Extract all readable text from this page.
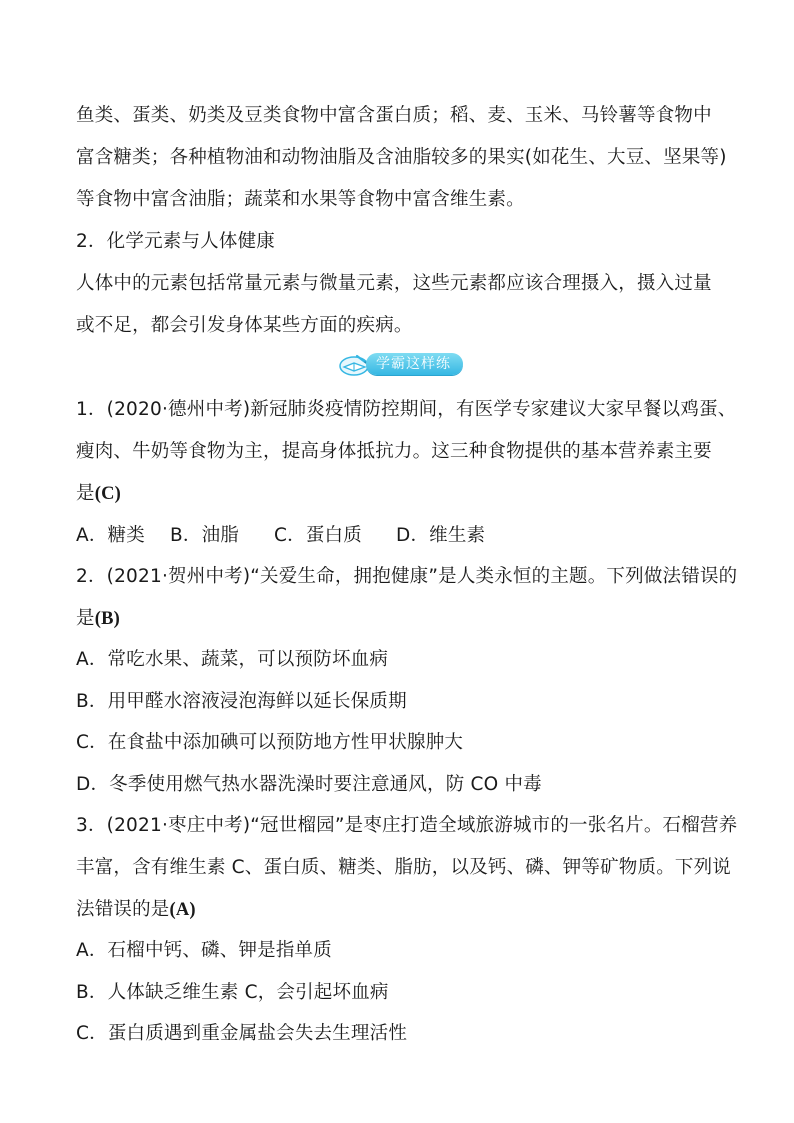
鱼类、蛋类、奶类及豆类食物中富含蛋白质；稻、麦、玉米、马铃薯等食物中
富含糖类；各种植物油和动物油脂及含油脂较多的果实(如花生、大豆、坚果等)
等食物中富含油脂；蔬菜和水果等食物中富含维生素。
2．化学元素与人体健康
人体中的元素包括常量元素与微量元素，这些元素都应该合理摄入，摄入过量
或不足，都会引发身体某些方面的疾病。
学霸这样练
1．(2020·德州中考)新冠肺炎疫情防控期间，有医学专家建议大家早餐以鸡蛋、
瘦肉、牛奶等食物为主，提高身体抵抗力。这三种食物提供的基本营养素主要
是(C)
A．糖类 B．油脂 C．蛋白质 D．维生素
2．(2021·贺州中考)“关爱生命，拥抱健康”是人类永恒的主题。下列做法错误的
是(B)
A．常吃水果、蔬菜，可以预防坏血病
B．用甲醛水溶液浸泡海鲜以延长保质期
C．在食盐中添加碘可以预防地方性甲状腺肿大
D．冬季使用燃气热水器洗澡时要注意通风，防 CO 中毒
3．(2021·枣庄中考)“冠世榴园”是枣庄打造全域旅游城市的一张名片。石榴营养
丰富，含有维生素 C、蛋白质、糖类、脂肪，以及钙、磷、钾等矿物质。下列说
法错误的是(A)
A．石榴中钙、磷、钾是指单质
B．人体缺乏维生素 C，会引起坏血病
C．蛋白质遇到重金属盐会失去生理活性
